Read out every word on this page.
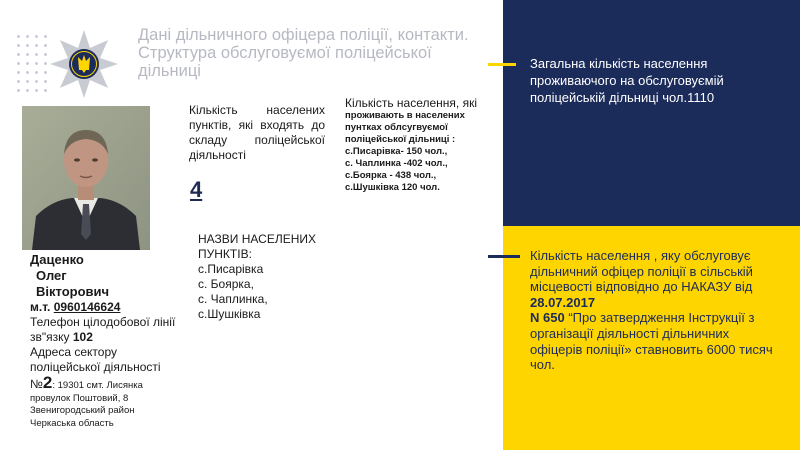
Дані дільничного офіцера поліції, контакти. Структура обслуговуємої поліцейської дільниці
Даценко
Олег
Вікторович
м.т. 0960146624
Телефон цілодобової лінії зв"язку 102
Адреса сектору поліцейської діяльності
№2: 19301 смт. Лисянка
провулок Поштовий, 8
Звенигородський район
Черкаська область
Кількість населених пунктів, які входять до складу поліцейської діяльності
4
Кількість населення, які
проживають в населених пунтках облсугвуємої поліцейської дільниці :
с.Писарівка- 150 чол.,
с. Чаплинка -402 чол.,
с.Боярка - 438 чол.,
с.Шушківка 120 чол.
НАЗВИ НАСЕЛЕНИХ ПУНКТІВ:
с.Писарівка
с. Боярка,
с. Чаплинка,
с.Шушківка
Загальна кількість населення проживаючого на обслуговуємій поліцейській дільниці чол.1110
Кількість населення , яку обслуговує дільничний офіцер поліції в сільській місцевості відповідно до НАКАЗУ від
28.07.2017
N 650 “Про затвердження Інструкції з організації діяльності дільничних офіцерів поліції» ставновить 6000 тисяч чол.
